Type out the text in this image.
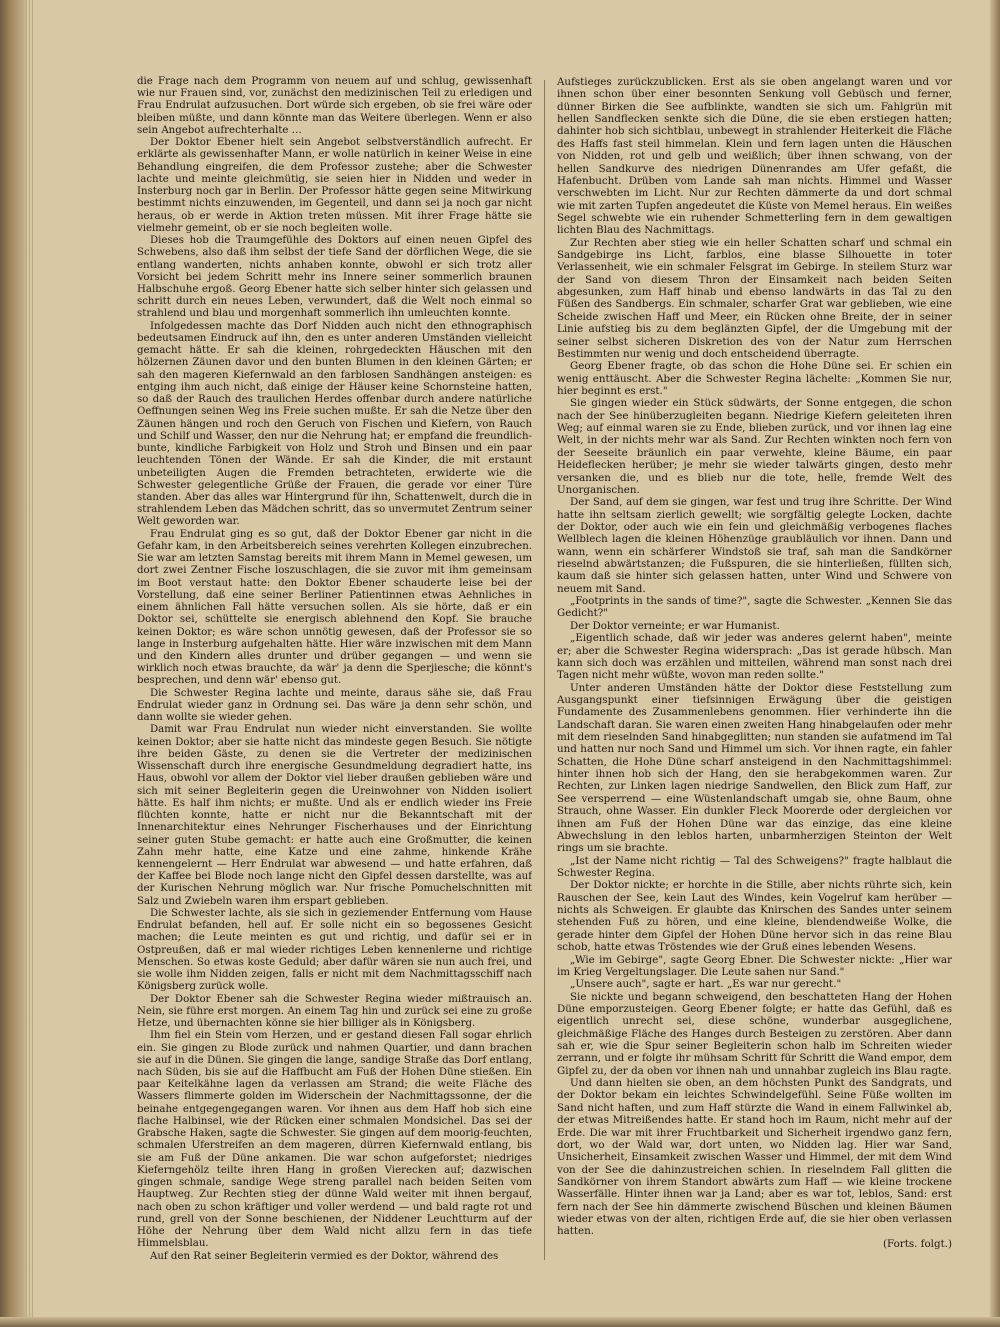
die Frage nach dem Programm von neuem auf und schlug, gewissenhaft wie nur Frauen sind, vor, zunächst den medizinischen Teil zu erledigen und Frau Endrulat aufzusuchen. Dort würde sich ergeben, ob sie frei wäre oder bleiben müßte, und dann könnte man das Weitere überlegen. Wenn er also sein Angebot aufrechterhalte …

Der Doktor Ebener hielt sein Angebot selbstverständlich aufrecht. Er erklärte als gewissenhafter Mann, er wolle natürlich in keiner Weise in eine Behandlung eingreifen, die dem Professor zustehe; aber die Schwester lachte und meinte gleichmütig, sie seien hier in Nidden und weder in Insterburg noch gar in Berlin. Der Professor hätte gegen seine Mitwirkung bestimmt nichts einzuwenden, im Gegenteil, und dann sei ja noch gar nicht heraus, ob er werde in Aktion treten müssen. Mit ihrer Frage hätte sie vielmehr gemeint, ob er sie noch begleiten wolle.

Dieses hob die Traumgefühle des Doktors auf einen neuen Gipfel des Schwebens, also daß ihm selbst der tiefe Sand der dörflichen Wege, die sie entlang wanderten, nichts anhaben konnte, obwohl er sich trotz aller Vorsicht bei jedem Schritt mehr ins Innere seiner sommerlich braunen Halbschuhe ergoß. Georg Ebener hatte sich selber hinter sich gelassen und schritt durch ein neues Leben, verwundert, daß die Welt noch einmal so strahlend und blau und morgenhaft sommerlich ihn umleuchten konnte.

Infolgedessen machte das Dorf Nidden auch nicht den ethnographisch bedeutsamen Eindruck auf ihn, den es unter anderen Umständen vielleicht gemacht hätte. Er sah die kleinen, rohrgedeckten Häuschen mit den hölzernen Zäunen davor und den bunten Blumen in den kleinen Gärten; er sah den mageren Kiefernwald an den farblosen Sandhängen ansteigen: es entging ihm auch nicht, daß einige der Häuser keine Schornsteine hatten, so daß der Rauch des traulichen Herdes offenbar durch andere natürliche Oeffnungen seinen Weg ins Freie suchen mußte. Er sah die Netze über den Zäunen hängen und roch den Geruch von Fischen und Kiefern, von Rauch und Schilf und Wasser, den nur die Nehrung hat; er empfand die freundlich-bunte, kindliche Farbigkeit von Holz und Stroh und Binsen und ein paar leuchtenden Tönen der Wände. Er sah die Kinder, die mit erstaunt unbeteiligten Augen die Fremden betrachteten, erwiderte wie die Schwester gelegentliche Grüße der Frauen, die gerade vor einer Türe standen. Aber das alles war Hintergrund für ihn, Schattenwelt, durch die in strahlendem Leben das Mädchen schritt, das so unvermutet Zentrum seiner Welt geworden war.

Frau Endrulat ging es so gut, daß der Doktor Ebener gar nicht in die Gefahr kam, in den Arbeitsbereich seines verehrten Kollegen einzubrechen. Sie war am letzten Samstag bereits mit ihrem Mann in Memel gewesen, um dort zwei Zentner Fische loszuschlagen, die sie zuvor mit ihm gemeinsam im Boot verstaut hatte: den Doktor Ebener schauderte leise bei der Vorstellung, daß eine seiner Berliner Patientinnen etwas Aehnliches in einem ähnlichen Fall hätte versuchen sollen. Als sie hörte, daß er ein Doktor sei, schüttelte sie energisch ablehnend den Kopf. Sie brauche keinen Doktor; es wäre schon unnötig gewesen, daß der Professor sie so lange in Insterburg aufgehalten hätte. Hier wäre inzwischen mit dem Mann und den Kindern alles drunter und drüber gegangen — und wenn sie wirklich noch etwas brauchte, da wär' ja denn die Sperjiesche; die könnt's besprechen, und denn wär' ebenso gut.

Die Schwester Regina lachte und meinte, daraus sähe sie, daß Frau Endrulat wieder ganz in Ordnung sei. Das wäre ja denn sehr schön, und dann wollte sie wieder gehen.

Damit war Frau Endrulat nun wieder nicht einverstanden. Sie wollte keinen Doktor; aber sie hatte nicht das mindeste gegen Besuch. Sie nötigte ihre beiden Gäste, zu denen sie die Vertreter der medizinischen Wissenschaft durch ihre energische Gesundmeldung degradiert hatte, ins Haus, obwohl vor allem der Doktor viel lieber draußen geblieben wäre und sich mit seiner Begleiterin gegen die Ureinwohner von Nidden isoliert hätte. Es half ihm nichts; er mußte. Und als er endlich wieder ins Freie flüchten konnte, hatte er nicht nur die Bekanntschaft mit der Innenarchitektur eines Nehrunger Fischerhauses und der Einrichtung seiner guten Stube gemacht: er hatte auch eine Großmutter, die keinen Zahn mehr hatte, eine Katze und eine zahme, hinkende Krähe kennengelernt — Herr Endrulat war abwesend — und hatte erfahren, daß der Kaffee bei Blode noch lange nicht den Gipfel dessen darstellte, was auf der Kurischen Nehrung möglich war. Nur frische Pomuchelschnitten mit Salz und Zwiebeln waren ihm erspart geblieben.

Die Schwester lachte, als sie sich in geziemender Entfernung vom Hause Endrulat befanden, hell auf. Er solle nicht ein so begossenes Gesicht machen; die Leute meinten es gut und richtig, und dafür sei er in Ostpreußen, daß er mal wieder richtiges Leben kennenlerne und richtige Menschen. So etwas koste Geduld; aber dafür wären sie nun auch frei, und sie wolle ihm Nidden zeigen, falls er nicht mit dem Nachmittagsschiff nach Königsberg zurück wolle.

Der Doktor Ebener sah die Schwester Regina wieder mißtrauisch an. Nein, sie führe erst morgen. An einem Tag hin und zurück sei eine zu große Hetze, und übernachten könne sie hier billiger als in Königsberg.

Ihm fiel ein Stein vom Herzen, und er gestand diesen Fall sogar ehrlich ein. Sie gingen zu Blode zurück und nahmen Quartier, und dann brachen sie auf in die Dünen. Sie gingen die lange, sandige Straße das Dorf entlang, nach Süden, bis sie auf die Haffbucht am Fuß der Hohen Düne stießen. Ein paar Keitelkähne lagen da verlassen am Strand; die weite Fläche des Wassers flimmerte golden im Widerschein der Nachmittagssonne, der die beinahe entgegengegangen waren. Vor ihnen aus dem Haff hob sich eine flache Halbinsel, wie der Rücken einer schmalen Mondsichel. Das sei der Grabsche Haken, sagte die Schwester. Sie gingen auf dem moorig-feuchten, schmalen Uferstreifen an dem mageren, dürren Kiefernwald entlang, bis sie am Fuß der Düne ankamen. Die war schon aufgeforstet; niedriges Kieferngehölz teilte ihren Hang in großen Vierecken auf; dazwischen gingen schmale, sandige Wege streng parallel nach beiden Seiten vom Hauptweg. Zur Rechten stieg der dünne Wald weiter mit ihnen bergauf, nach oben zu schon kräftiger und voller werdend — und bald ragte rot und rund, grell von der Sonne beschienen, der Niddener Leuchtturm auf der Höhe der Nehrung über dem Wald nicht allzu fern in das tiefe Himmelsblau.

Auf den Rat seiner Begleiterin vermied es der Doktor, während des

Aufstieges zurückzublicken. Erst als sie oben angelangt waren und vor ihnen schon über einer besonnten Senkung voll Gebüsch und ferner, dünner Birken die See aufblinkte, wandten sie sich um. Fahlgrün mit hellen Sandflecken senkte sich die Düne, die sie eben erstiegen hatten; dahinter hob sich sichtblau, unbewegt in strahlender Heiterkeit die Fläche des Haffs fast steil himmelan. Klein und fern lagen unten die Häuschen von Nidden, rot und gelb und weißlich; über ihnen schwang, von der hellen Sandkurve des niedrigen Dünenrandes am Ufer gefaßt, die Hafenbucht. Drüben vom Lande sah man nichts. Himmel und Wasser verschwebten im Licht. Nur zur Rechten dämmerte da und dort schmal wie mit zarten Tupfen angedeutet die Küste von Memel heraus. Ein weißes Segel schwebte wie ein ruhender Schmetterling fern in dem gewaltigen lichten Blau des Nachmittags.

Zur Rechten aber stieg wie ein heller Schatten scharf und schmal ein Sandgebirge ins Licht, farblos, eine blasse Silhouette in toter Verlassenheit, wie ein schmaler Felsgrat im Gebirge. In steilem Sturz war der Sand von diesem Thron der Einsamkeit nach beiden Seiten abgesunken, zum Haff hinab und ebenso landwärts in das Tal zu den Füßen des Sandbergs. Ein schmaler, scharfer Grat war geblieben, wie eine Scheide zwischen Haff und Meer, ein Rücken ohne Breite, der in seiner Linie aufstieg bis zu dem beglänzten Gipfel, der die Umgebung mit der seiner selbst sicheren Diskretion des von der Natur zum Herrschen Bestimmten nur wenig und doch entscheidend überragte.

Georg Ebener fragte, ob das schon die Hohe Düne sei. Er schien ein wenig enttäuscht. Aber die Schwester Regina lächelte: „Kommen Sie nur, hier beginnt es erst."

Sie gingen wieder ein Stück südwärts, der Sonne entgegen, die schon nach der See hinüberzugleiten begann. Niedrige Kiefern geleiteten ihren Weg; auf einmal waren sie zu Ende, blieben zurück, und vor ihnen lag eine Welt, in der nichts mehr war als Sand. Zur Rechten winkten noch fern von der Seeseite bräunlich ein paar verwehte, kleine Bäume, ein paar Heideflecken herüber; je mehr sie wieder talwärts gingen, desto mehr versanken die, und es blieb nur die tote, helle, fremde Welt des Unorganischen.

Der Sand, auf dem sie gingen, war fest und trug ihre Schritte. Der Wind hatte ihn seltsam zierlich gewellt; wie sorgfältig gelegte Locken, dachte der Doktor, oder auch wie ein fein und gleichmäßig verbogenes flaches Wellblech lagen die kleinen Höhenzüge graubläulich vor ihnen. Dann und wann, wenn ein schärferer Windstoß sie traf, sah man die Sandkörner rieselnd abwärtstanzen; die Fußspuren, die sie hinterließen, füllten sich, kaum daß sie hinter sich gelassen hatten, unter Wind und Schwere von neuem mit Sand.

„Footprints in the sands of time?", sagte die Schwester. „Kennen Sie das Gedicht?"

Der Doktor verneinte; er war Humanist.

„Eigentlich schade, daß wir jeder was anderes gelernt haben", meinte er; aber die Schwester Regina widersprach: „Das ist gerade hübsch. Man kann sich doch was erzählen und mitteilen, während man sonst nach drei Tagen nicht mehr wüßte, wovon man reden sollte."

Unter anderen Umständen hätte der Doktor diese Feststellung zum Ausgangspunkt einer tiefsinnigen Erwägung über die geistigen Fundamente des Zusammenlebens genommen. Hier verhinderte ihn die Landschaft daran. Sie waren einen zweiten Hang hinabgelaufen oder mehr mit dem rieselnden Sand hinabgeglitten; nun standen sie aufatmend im Tal und hatten nur noch Sand und Himmel um sich. Vor ihnen ragte, ein fahler Schatten, die Hohe Düne scharf ansteigend in den Nachmittagshimmel: hinter ihnen hob sich der Hang, den sie herabgekommen waren. Zur Rechten, zur Linken lagen niedrige Sandwellen, den Blick zum Haff, zur See versperrend — eine Wüstenlandschaft umgab sie, ohne Baum, ohne Strauch, ohne Wasser. Ein dunkler Fleck Moorerde oder dergleichen vor ihnen am Fuß der Hohen Düne war das einzige, das eine kleine Abwechslung in den leblos harten, unbarmherzigen Steinton der Welt rings um sie brachte.

„Ist der Name nicht richtig — Tal des Schweigens?" fragte halblaut die Schwester Regina.

Der Doktor nickte; er horchte in die Stille, aber nichts rührte sich, kein Rauschen der See, kein Laut des Windes, kein Vogelruf kam herüber — nichts als Schweigen. Er glaubte das Knirschen des Sandes unter seinem stehenden Fuß zu hören, und eine kleine, blendendweiße Wolke, die gerade hinter dem Gipfel der Hohen Düne hervor sich in das reine Blau schob, hatte etwas Tröstendes wie der Gruß eines lebenden Wesens.

„Wie im Gebirge", sagte Georg Ebner. Die Schwester nickte: „Hier war im Krieg Vergeltungslager. Die Leute sahen nur Sand."

„Unsere auch", sagte er hart. „Es war nur gerecht."

Sie nickte und begann schweigend, den beschatteten Hang der Hohen Düne emporzusteigen. Georg Ebener folgte; er hatte das Gefühl, daß es eigentlich unrecht sei, diese schöne, wunderbar ausgeglichene, gleichmäßige Fläche des Hanges durch Besteigen zu zerstören. Aber dann sah er, wie die Spur seiner Begleiterin schon halb im Schreiten wieder zerrann, und er folgte ihr mühsam Schritt für Schritt die Wand empor, dem Gipfel zu, der da oben vor ihnen nah und unnahbar zugleich ins Blau ragte.

Und dann hielten sie oben, an dem höchsten Punkt des Sandgrats, und der Doktor bekam ein leichtes Schwindelgefühl. Seine Füße wollten im Sand nicht haften, und zum Haff stürzte die Wand in einem Fallwinkel ab, der etwas Mitreißendes hatte. Er stand hoch im Raum, nicht mehr auf der Erde. Die war mit ihrer Fruchtbarkeit und Sicherheit irgendwo ganz fern, dort, wo der Wald war, dort unten, wo Nidden lag. Hier war Sand, Unsicherheit, Einsamkeit zwischen Wasser und Himmel, der mit dem Wind von der See die dahinzustreichen schien. In rieselndem Fall glitten die Sandkörner von ihrem Standort abwärts zum Haff — wie kleine trockene Wasserfälle. Hinter ihnen war ja Land; aber es war tot, leblos, Sand: erst fern nach der See hin dämmerte zwischend Büschen und kleinen Bäumen wieder etwas von der alten, richtigen Erde auf, die sie hier oben verlassen hatten.

(Forts. folgt.)
